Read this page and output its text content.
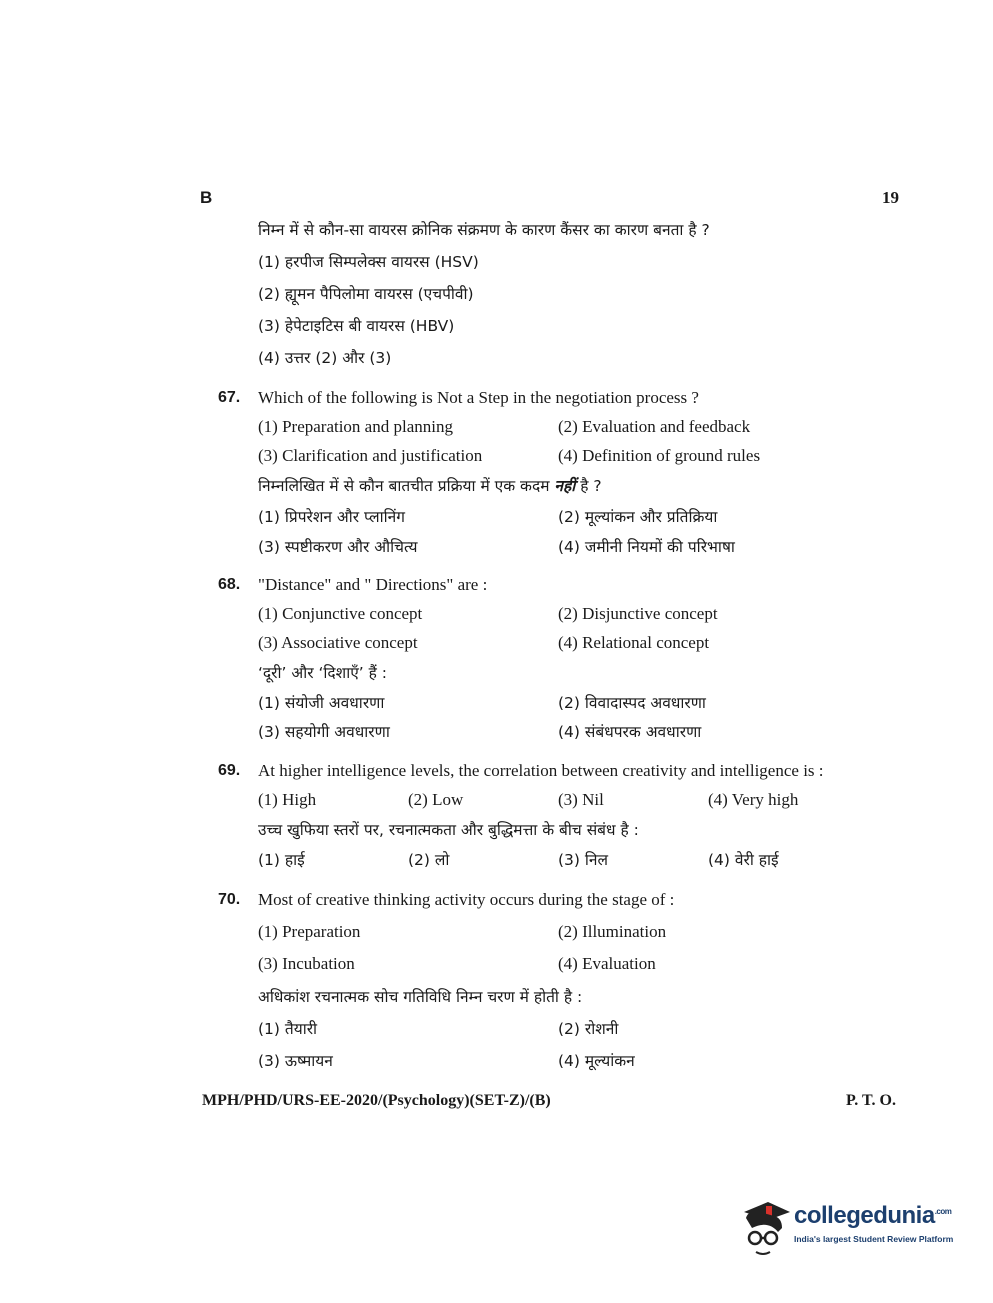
B	19
निम्न में से कौन-सा वायरस क्रोनिक संक्रमण के कारण कैंसर का कारण बनता है ?
(1) हरपीज सिम्पलेक्स वायरस (HSV)
(2) ह्यूमन पैपिलोमा वायरस (एचपीवी)
(3) हेपेटाइटिस बी वायरस (HBV)
(4) उत्तर (2) और (3)
67. Which of the following is Not a Step in the negotiation process ?
(1) Preparation and planning	(2) Evaluation and feedback
(3) Clarification and justification	(4) Definition of ground rules
निम्नलिखित में से कौन बातचीत प्रक्रिया में एक कदम नहीं है ?
(1) प्रिपरेशन और प्लानिंग	(2) मूल्यांकन और प्रतिक्रिया
(3) स्पष्टीकरण और औचित्य	(4) जमीनी नियमों की परिभाषा
68. "Distance" and " Directions" are :
(1) Conjunctive concept	(2) Disjunctive concept
(3) Associative concept	(4) Relational concept
‘दूरी’ और ‘दिशाएँ’ हैं :
(1) संयोजी अवधारणा	(2) विवादास्पद अवधारणा
(3) सहयोगी अवधारणा	(4) संबंधपरक अवधारणा
69. At higher intelligence levels, the correlation between creativity and intelligence is :
(1) High	(2) Low	(3) Nil	(4) Very high
उच्च खुफिया स्तरों पर, रचनात्मकता और बुद्धिमत्ता के बीच संबंध है :
(1) हाई	(2) लो	(3) निल	(4) वेरी हाई
70. Most of creative thinking activity occurs during the stage of :
(1) Preparation	(2) Illumination
(3) Incubation	(4) Evaluation
अधिकांश रचनात्मक सोच गतिविधि निम्न चरण में होती है :
(1) तैयारी	(2) रोशनी
(3) ऊष्मायन	(4) मूल्यांकन
MPH/PHD/URS-EE-2020/(Psychology)(SET-Z)/(B)	P. T. O.
collegedunia$^{.com}$
India's largest Student Review Platform
